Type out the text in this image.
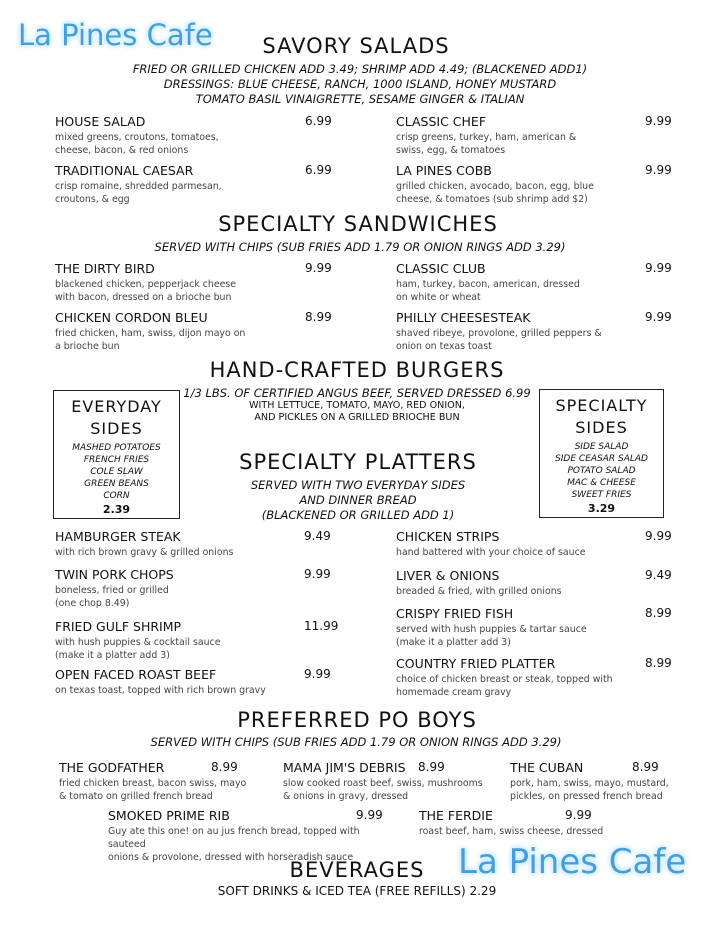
La Pines Cafe
La Pines Cafe
SAVORY SALADS
FRIED OR GRILLED CHICKEN ADD 3.49; SHRIMP ADD 4.49; (BLACKENED ADD1)
DRESSINGS: BLUE CHEESE, RANCH, 1000 ISLAND, HONEY MUSTARD
TOMATO BASIL VINAIGRETTE, SESAME GINGER & ITALIAN
HOUSE SALAD	6.99
mixed greens, croutons, tomatoes,
cheese, bacon, & red onions
TRADITIONAL CAESAR	6.99
crisp romaine, shredded parmesan,
croutons, & egg
CLASSIC CHEF	9.99
crisp greens, turkey, ham, american &
swiss, egg, & tomatoes
LA PINES COBB	9.99
grilled chicken, avocado, bacon, egg, blue
cheese, & tomatoes (sub shrimp add $2)
SPECIALTY SANDWICHES
SERVED WITH CHIPS (SUB FRIES ADD 1.79 OR ONION RINGS ADD 3.29)
THE DIRTY BIRD	9.99
blackened chicken, pepperjack cheese
with bacon, dressed on a brioche bun
CHICKEN CORDON BLEU	8.99
fried chicken, ham, swiss, dijon mayo on
a brioche bun
CLASSIC CLUB	9.99
ham, turkey, bacon, american, dressed
on white or wheat
PHILLY CHEESESTEAK	9.99
shaved ribeye, provolone, grilled peppers &
onion on texas toast
HAND-CRAFTED BURGERS
1/3 LBS. OF CERTIFIED ANGUS BEEF, SERVED DRESSED 6.99
WITH LETTUCE, TOMATO, MAYO, RED ONION,
AND PICKLES ON A GRILLED BRIOCHE BUN
EVERYDAY
SIDES
MASHED POTATOES
FRENCH FRIES
COLE SLAW
GREEN BEANS
CORN
2.39
SPECIALTY
SIDES
SIDE SALAD
SIDE CEASAR SALAD
POTATO SALAD
MAC & CHEESE
SWEET FRIES
3.29
SPECIALTY PLATTERS
SERVED WITH TWO EVERYDAY SIDES
AND DINNER BREAD
(BLACKENED OR GRILLED ADD 1)
HAMBURGER STEAK	9.49
with rich brown gravy & grilled onions
TWIN PORK CHOPS	9.99
boneless, fried or grilled
(one chop 8.49)
FRIED GULF SHRIMP	11.99
with hush puppies & cocktail sauce
(make it a platter add 3)
OPEN FACED ROAST BEEF	9.99
on texas toast, topped with rich brown gravy
CHICKEN STRIPS	9.99
hand battered with your choice of sauce
LIVER & ONIONS	9.49
breaded & fried, with grilled onions
CRISPY FRIED FISH	8.99
served with hush puppies & tartar sauce
(make it a platter add 3)
COUNTRY FRIED PLATTER	8.99
choice of chicken breast or steak, topped with
homemade cream gravy
PREFERRED PO BOYS
SERVED WITH CHIPS (SUB FRIES ADD 1.79 OR ONION RINGS ADD 3.29)
THE GODFATHER	8.99
fried chicken breast, bacon swiss, mayo
& tomato on grilled french bread
MAMA JIM'S DEBRIS	8.99
slow cooked roast beef, swiss, mushrooms
& onions in gravy, dressed
THE CUBAN	8.99
pork, ham, swiss, mayo, mustard,
pickles, on pressed french bread
SMOKED PRIME RIB	9.99
Guy ate this one! on au jus french bread, topped with sauteed
onions & provolone, dressed with horseradish sauce
THE FERDIE	9.99
roast beef, ham, swiss cheese, dressed
BEVERAGES
SOFT DRINKS & ICED TEA (FREE REFILLS) 2.29
